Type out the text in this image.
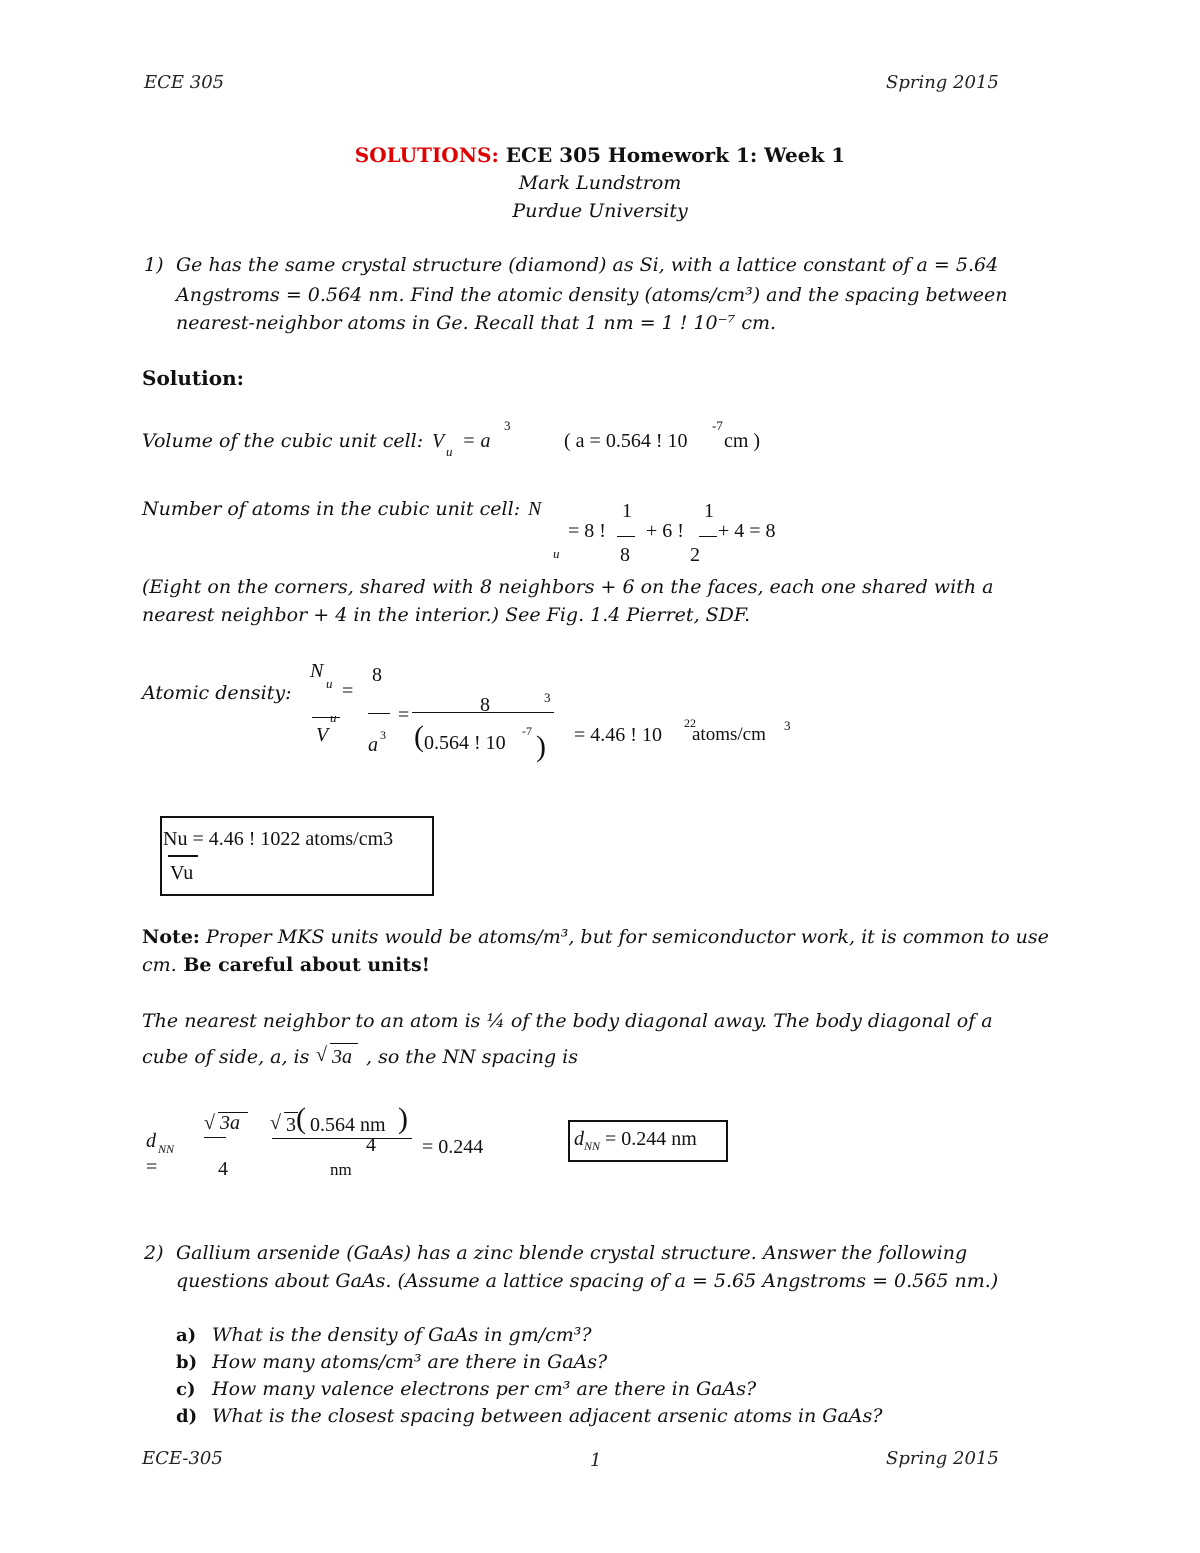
ECE 305	Spring 2015
SOLUTIONS: ECE 305 Homework 1: Week 1
Mark Lundstrom
Purdue University
1) Ge has the same crystal structure (diamond) as Si, with a lattice constant of a = 5.64
Angstroms = 0.564 nm. Find the atomic density (atoms/cm³) and the spacing between
nearest-neighbor atoms in Ge. Recall that 1 nm = 1 ! 10⁻⁷ cm.
Solution:
Volume of the cubic unit cell: V u = a
3
( a = 0.564 ! 10
-7
cm )
Number of atoms in the cubic unit cell: N
u
= 8 !
1
8
+ 6 !
1
2
+ 4 = 8
(Eight on the corners, shared with 8 neighbors + 6 on the faces, each one shared with a
nearest neighbor + 4 in the interior.) See Fig. 1.4 Pierret, SDF.
Atomic density:
N
u =
V
u
8
a 3
=	8	3
( 0.564 ! 10
-7 ) = 4.46 ! 10
22
atoms/cm 3
Nu = 4.46 ! 1022 atoms/cm3
Vu
Note: Proper MKS units would be atoms/m³, but for semiconductor work, it is common to use
cm. Be careful about units!
The nearest neighbor to an atom is ¼ of the body diagonal away. The body diagonal of a
cube of side, a, is √ 3a , so the NN spacing is
d NN
=
√ 3a
4
√ 3 ( 0.564 nm )
4 = 0.244
nm
$d_{NN} = 0.244$ nm
2) Gallium arsenide (GaAs) has a zinc blende crystal structure. Answer the following
questions about GaAs. (Assume a lattice spacing of a = 5.65 Angstroms = 0.565 nm.)
a) What is the density of GaAs in gm/cm³?
b) How many atoms/cm³ are there in GaAs?
c) How many valence electrons per cm³ are there in GaAs?
d) What is the closest spacing between adjacent arsenic atoms in GaAs?
ECE-305	1	Spring 2015
